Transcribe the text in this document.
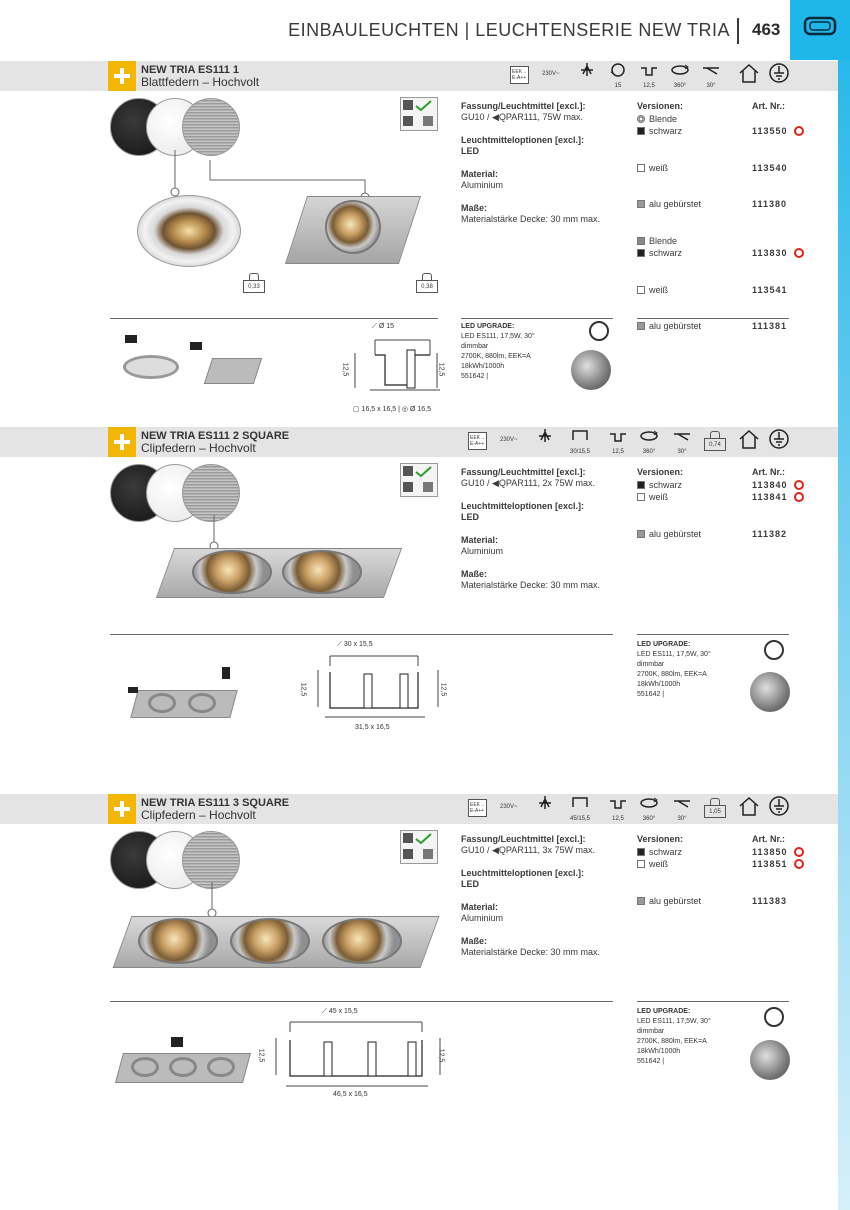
EINBAULEUCHTEN | LEUCHTENSERIE NEW TRIA 463
NEW TRIA ES111 1
Blattfedern – Hochvolt
EEK→ E-A++
230V~
15	12,5	360°	30°
0,33	0,38
Fassung/Leuchtmittel [excl.]:
GU10 / ◀QPAR111, 75W max.
Leuchtmitteloptionen [excl.]:
LED
Material:
Aluminium
Maße:
Materialstärke Decke: 30 mm max.
Versionen:	Art. Nr.:
Blende
schwarz	113550
weiß	113540
alu gebürstet	111380
Blende
schwarz	113830
weiß	113541
alu gebürstet	111381
⟋ Ø 15
12,5	12,5
▢ 16,5 x 16,5 | ◎ Ø 16,5
LED UPGRADE:
LED ES111, 17,5W, 30°
dimmbar
2700K, 880lm, EEK=A
18kWh/1000h
551642 |
NEW TRIA ES111 2 SQUARE
Clipfedern – Hochvolt
EEK→ E-A++
230V~
30/15,5	12,5	360°	30°
0,74
Fassung/Leuchtmittel [excl.]:
GU10 / ◀QPAR111, 2x 75W max.
Leuchtmitteloptionen [excl.]:
LED
Material:
Aluminium
Maße:
Materialstärke Decke: 30 mm max.
Versionen:	Art. Nr.:
schwarz	113840
weiß	113841
alu gebürstet	111382
⟋ 30 x 15,5
12,5	12,5
31,5 x 16,5
LED UPGRADE:
LED ES111, 17,5W, 30°
dimmbar
2700K, 880lm, EEK=A
18kWh/1000h
551642 |
NEW TRIA ES111 3 SQUARE
Clipfedern – Hochvolt
EEK→ E-A++
230V~
45/15,5	12,5	360°	30°
1,05
Fassung/Leuchtmittel [excl.]:
GU10 / ◀QPAR111, 3x 75W max.
Leuchtmitteloptionen [excl.]:
LED
Material:
Aluminium
Maße:
Materialstärke Decke: 30 mm max.
Versionen:	Art. Nr.:
schwarz	113850
weiß	113851
alu gebürstet	111383
⟋ 45 x 15,5
12,5	12,5
46,5 x 16,5
LED UPGRADE:
LED ES111, 17,5W, 30°
dimmbar
2700K, 880lm, EEK=A
18kWh/1000h
551642 |
